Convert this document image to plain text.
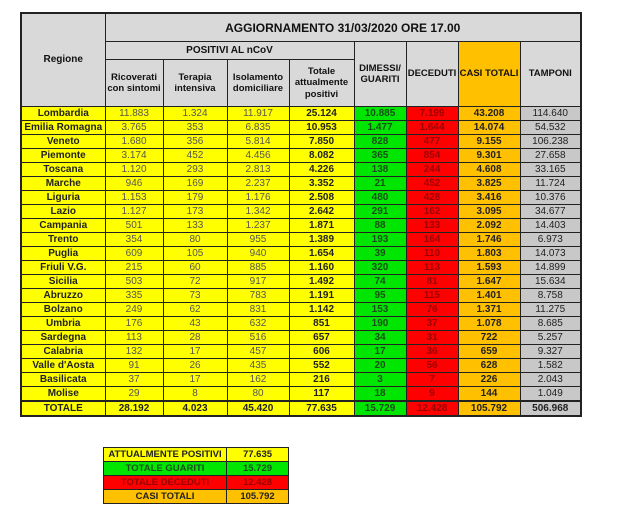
Regione	AGGIORNAMENTO 31/03/2020 ORE 17.00							
	POSITIVI AL nCoV				DIMESSI/ GUARITI	DECEDUTI	CASI TOTALI	TAMPONI
	Ricoverati con sintomi	Terapia intensiva	Isolamento domiciliare	Totale attualmente positivi				
Lombardia	11.883	1.324	11.917	25.124	10.885	7.199	43.208	114.640
Emilia Romagna	3.765	353	6.835	10.953	1.477	1.644	14.074	54.532
Veneto	1.680	356	5.814	7.850	828	477	9.155	106.238
Piemonte	3.174	452	4.456	8.082	365	854	9.301	27.658
Toscana	1.120	293	2.813	4.226	138	244	4.608	33.165
Marche	946	169	2.237	3.352	21	452	3.825	11.724
Liguria	1.153	179	1.176	2.508	480	428	3.416	10.376
Lazio	1.127	173	1.342	2.642	291	162	3.095	34.677
Campania	501	133	1.237	1.871	88	133	2.092	14.403
Trento	354	80	955	1.389	193	164	1.746	6.973
Puglia	609	105	940	1.654	39	110	1.803	14.073
Friuli V.G.	215	60	885	1.160	320	113	1.593	14.899
Sicilia	503	72	917	1.492	74	81	1.647	15.634
Abruzzo	335	73	783	1.191	95	115	1.401	8.758
Bolzano	249	62	831	1.142	153	76	1.371	11.275
Umbria	176	43	632	851	190	37	1.078	8.685
Sardegna	113	28	516	657	34	31	722	5.257
Calabria	132	17	457	606	17	36	659	9.327
Valle d'Aosta	91	26	435	552	20	56	628	1.582
Basilicata	37	17	162	216	3	7	226	2.043
Molise	29	8	80	117	18	9	144	1.049
TOTALE	28.192	4.023	45.420	77.635	15.729	12.428	105.792	506.968
ATTUALMENTE POSITIVI	77.635
TOTALE GUARITI	15.729
TOTALE DECEDUTI	12.428
CASI TOTALI	105.792
